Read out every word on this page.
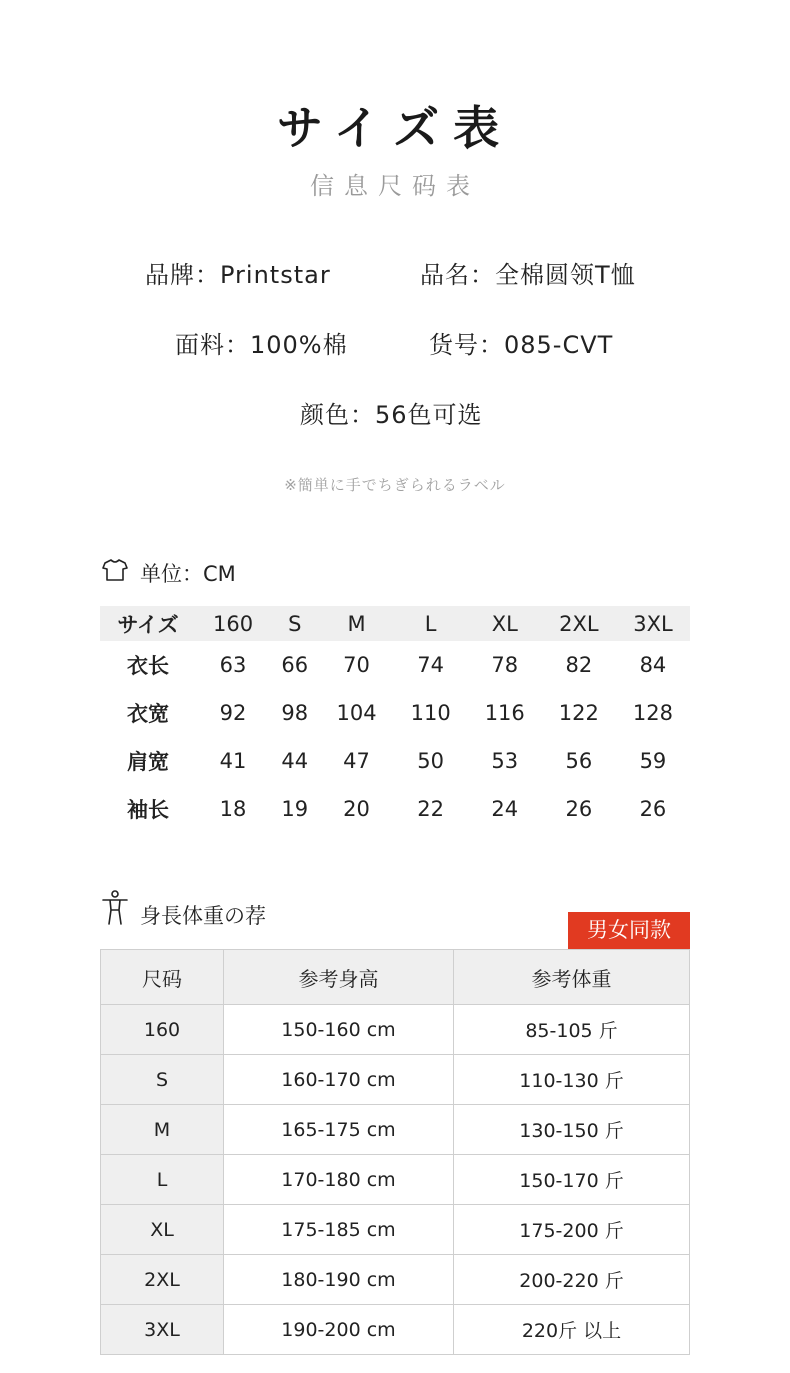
サイズ表
信息尺码表
品牌：Printstar	品名：全棉圆领T恤
面料：100%棉	货号：085-CVT
颜色：56色可选
※簡単に手でちぎられるラベル
单位：CM
サイズ	160	S	M	L	XL	2XL	3XL
衣长	63	66	70	74	78	82	84
衣宽	92	98	104	110	116	122	128
肩宽	41	44	47	50	53	56	59
袖长	18	19	20	22	24	26	26
身長体重の荐
男女同款
尺码	参考身高	参考体重
160	150-160 cm	85-105 斤
S	160-170 cm	110-130 斤
M	165-175 cm	130-150 斤
L	170-180 cm	150-170 斤
XL	175-185 cm	175-200 斤
2XL	180-190 cm	200-220 斤
3XL	190-200 cm	220斤 以上
